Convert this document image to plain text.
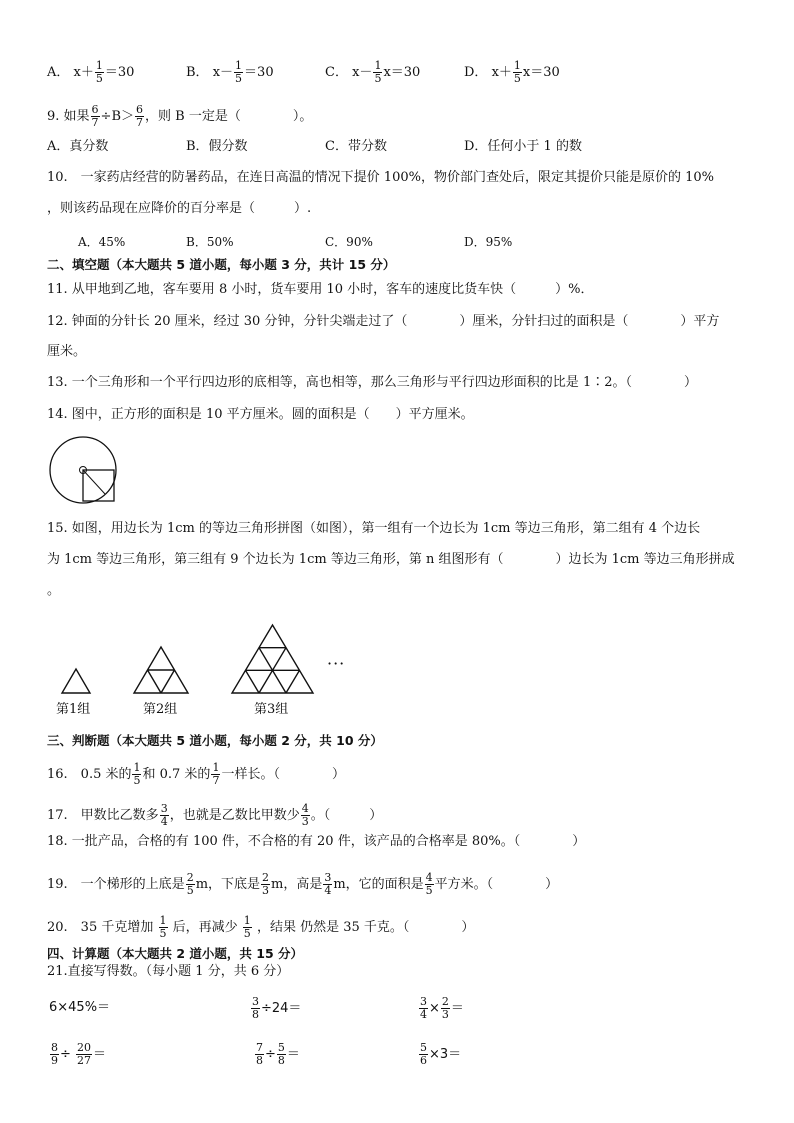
A． $x+ \frac{1}{5} =30$	B． $x- \frac{1}{5} =30$	C． $x- \frac{1}{5} x=30$	D． $x+ \frac{1}{5} x=30$
9. 如果 $\frac{6}{7} \div B> \frac{6}{7}$ ，则 B 一定是（　　　　）。
A．真分数	B．假分数	C．带分数	D．任何小于 1 的数
10.　一家药店经营的防暑药品，在连日高温的情况下提价 100%，物价部门查处后，限定其提价只能是原价的 10%
，则该药品现在应降价的百分率是（　　　）.
A．45%	B．50%	C．90%	D．95%
二、填空题（本大题共 5 道小题，每小题 3 分，共计 15 分）
11. 从甲地到乙地，客车要用 8 小时，货车要用 10 小时，客车的速度比货车快（　　　）%．
12. 钟面的分针长 20 厘米，经过 30 分钟，分针尖端走过了（　　　　）厘米，分针扫过的面积是（　　　　）平方
厘米。
13. 一个三角形和一个平行四边形的底相等，高也相等，那么三角形与平行四边形面积的比是 1∶2。（　　　　）
14. 图中，正方形的面积是 10 平方厘米。圆的面积是（　　）平方厘米。
15. 如图，用边长为 1cm 的等边三角形拼图（如图），第一组有一个边长为 1cm 等边三角形，第二组有 4 个边长
为 1cm 等边三角形，第三组有 9 个边长为 1cm 等边三角形，第 n 组图形有（　　　　）边长为 1cm 等边三角形拼成
。
···
第1组	第2组	第3组
三、判断题（本大题共 5 道小题，每小题 2 分，共 10 分）
16.　0.5 米的 $\frac{1}{5}$ 和 0.7 米的 $\frac{1}{7}$ 一样长。（　　　　）
17.　甲数比乙数多 $\frac{3}{4}$ ，也就是乙数比甲数少 $\frac{4}{3}$ 。（　　　）
18. 一批产品，合格的有 100 件，不合格的有 20 件，该产品的合格率是 80%。（　　　　）
19.　一个梯形的上底是 $\frac{2}{5}$ m，下底是 $\frac{2}{3}$ m，高是 $\frac{3}{4}$ m，它的面积是 $\frac{4}{5}$ 平方米。（　　　　）
20.　35 千克增加 $\frac{1}{5}$ 后，再减少 $\frac{1}{5}$ ，结果 仍然是 35 千克。（　　　　）
四、计算题（本大题共 2 道小题，共 15 分）
21.直接写得数。（每小题 1 分，共 6 分）
6×45%＝	$\frac{3}{8} \div 24=$	$\frac{3}{4} \times \frac{2}{3}$ ＝
$\frac{8}{9} \div \frac{20}{27}$ ＝	$\frac{7}{8} \div \frac{5}{8}$ ＝	$\frac{5}{6} \times 3=$
